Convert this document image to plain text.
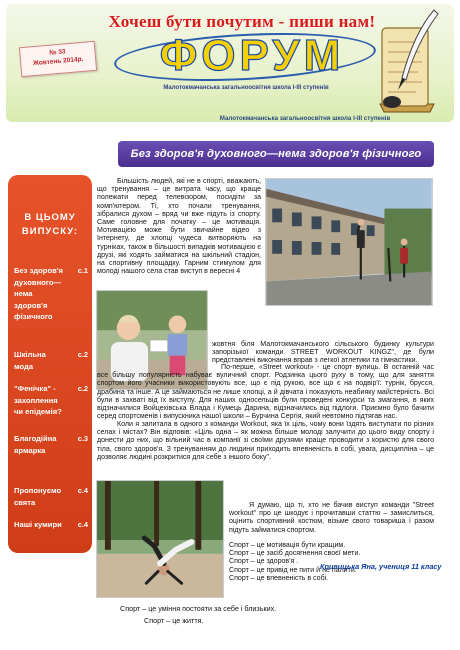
Хочеш бути почутим - пиши нам!
№ 33
Жовтень 2014р.	ФОРУМ
Малотокмачанська загальноосвітня школа І-ІІІ ступенів
Малотокмачанська загальноосвітня школа І-ІІІ ступенів
Без здоров'я духовного—нема здоров'я фізичного
В ЦЬОМУ
ВИПУСКУ:
Без здоров'я духовного— нема здоров'я фізичного
с.1
Шкільна мода
с.2
"Фенічка" - захоплення чи епідемія?
с.2
Благодійна ярмарка
с.3
Пропонуємо свята
с.4
Наші кумири с.4
Більшість людей, які не в спорті, вважають, що тренування – це витрата часу, що краще полежати перед телевізором, посидіти за комп'ютером. Ті, хто почали тренування, зібралися духом – вряд чи вже підуть із спорту. Саме головне для початку – це мотивація. Мотивацією може бути звичайне відео з Інтернету, де хлопці чудеса витворяють на турніках, також в більшості випадків мотивацією є друзі, які ходять займатися на шкільний стадіон, на спортивну площадку. Гарним стимулом для молоді нашого села став виступ в вересні 4
жовтня біля Малотокмачанського сільського будинку культури запорізької команди STREET WORKOUT KINGZ", де були представлені виконання вправ з легкої атлетики та гімнастики.
По-перше, «Street workout» - це спорт вулиць. В останній час все більшу популярність набуває вуличний спорт. Родзинка цього руху в тому, що для заняття спортом його учасники використовують все, що є під рукою, все що є на подвір'ї: турнік, брусся, драбина та інше. А це займаються не лише хлопці, а й дівчата і показують неабияку майстерність. Всі були в захваті від їх виступу. Для наших односельців були проведені конкурси та змагання, в яких відзначилися Войцехівська Влада і Кумець Дарина, відзначились від підлоги. Приємно було бачити серед спортсменів і випускника нашої школи – Бурчина Сергія, який невтомно підтягав нас.
Коли я запитала в одного з команди Workout, яка їх ціль, чому вони їздять виступати по різних селах і містах? Він відповів: «Ціль одна – як можна більше молоді залучити до цього виду спорту і донести до них, що вільний час в компанії зі своїми друзями краще проводити з користю для свого тіла, свого здоров'я. З тренуванням до людини приходить впевненість в собі, увага, дисципліна – це дозволяє людині розкритися для себе з іншого боку".
Я думаю, що ті, хто не бачив виступ команди "Street workout" про це шкодує і прочитавши статтю – замислиться, оцінить спортивний костюм, візьме свого товариша і разом підуть займатися спортом.
Спорт – це мотивація бути кращим.
Спорт – це засіб досягнення своєї мети.
Спорт – це здоров'я .
Спорт – це привід не пити й не палити.
Спорт – це впевненість в собі.
Кривицька Яна, учениця 11 класу
Спорт – це уміння постояти за себе і близьких.
Спорт – це життя.
